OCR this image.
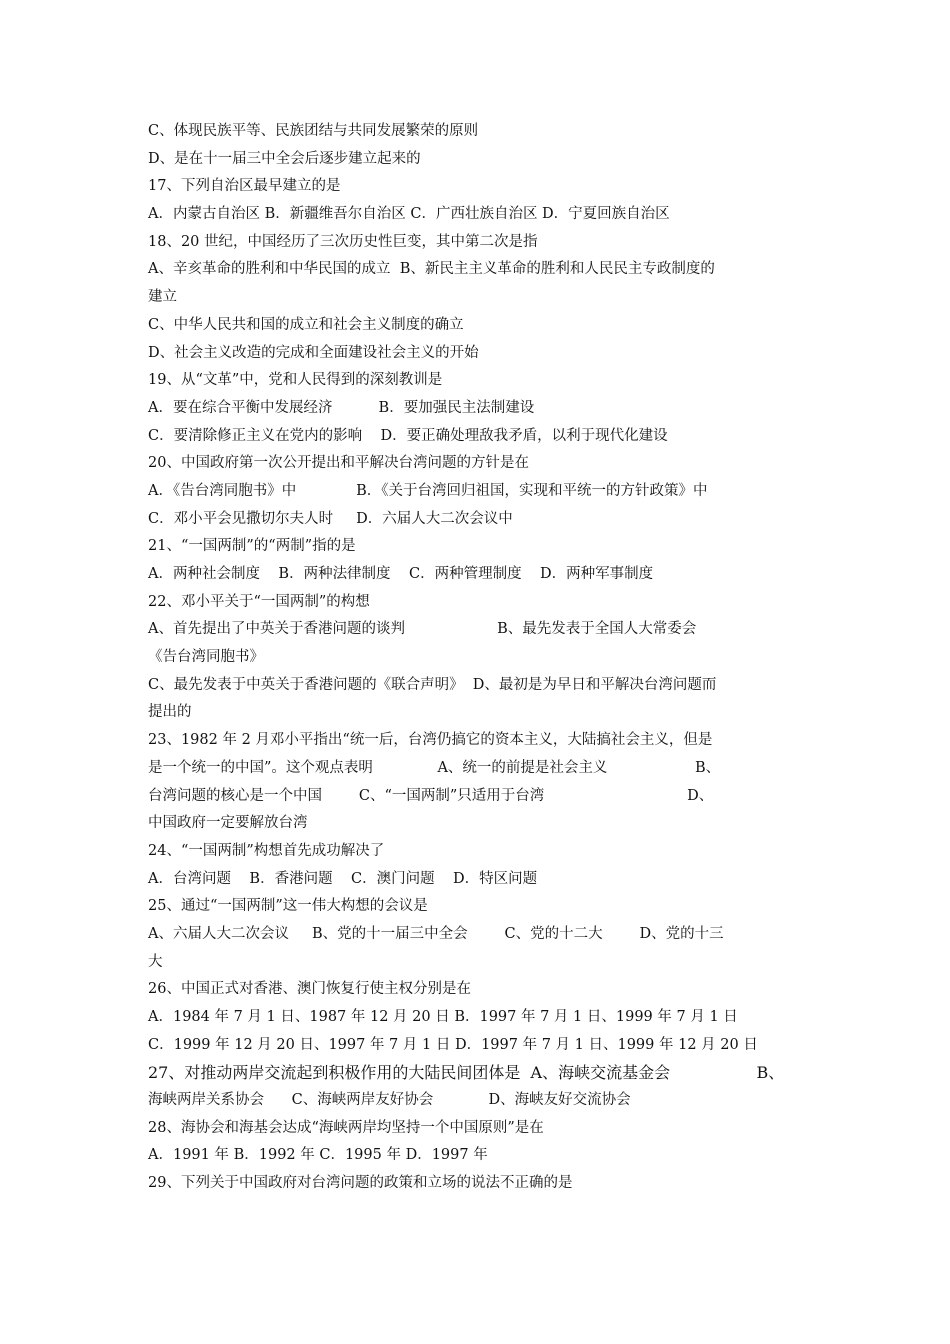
C、体现民族平等、民族团结与共同发展繁荣的原则
D、是在十一届三中全会后逐步建立起来的
17、下列自治区最早建立的是
A．内蒙古自治区 B．新疆维吾尔自治区 C．广西壮族自治区 D．宁夏回族自治区
18、20 世纪，中国经历了三次历史性巨变，其中第二次是指
A、辛亥革命的胜利和中华民国的成立  B、新民主主义革命的胜利和人民民主专政制度的
建立
C、中华人民共和国的成立和社会主义制度的确立
D、社会主义改造的完成和全面建设社会主义的开始
19、从“文革”中，党和人民得到的深刻教训是
A．要在综合平衡中发展经济          B．要加强民主法制建设
C．要清除修正主义在党内的影响    D．要正确处理敌我矛盾，以利于现代化建设
20、中国政府第一次公开提出和平解决台湾问题的方针是在
A．《告台湾同胞书》中             B．《关于台湾回归祖国，实现和平统一的方针政策》中
C．邓小平会见撒切尔夫人时     D．六届人大二次会议中
21、“一国两制”的“两制”指的是
A．两种社会制度    B．两种法律制度    C．两种管理制度    D．两种军事制度
22、邓小平关于“一国两制”的构想
A、首先提出了中英关于香港问题的谈判                    B、最先发表于全国人大常委会
《告台湾同胞书》
C、最先发表于中英关于香港问题的《联合声明》  D、最初是为早日和平解决台湾问题而
提出的
23、1982 年 2 月邓小平指出“统一后，台湾仍搞它的资本主义，大陆搞社会主义，但是
是一个统一的中国”。这个观点表明              A、统一的前提是社会主义                   B、
台湾问题的核心是一个中国        C、“一国两制”只适用于台湾                               D、
中国政府一定要解放台湾
24、“一国两制”构想首先成功解决了
A．台湾问题    B．香港问题    C．澳门问题    D．特区问题
25、通过“一国两制”这一伟大构想的会议是
A、六届人大二次会议     B、党的十一届三中全会        C、党的十二大        D、党的十三
大
26、中国正式对香港、澳门恢复行使主权分别是在
A．1984 年 7 月 1 日、1987 年 12 月 20 日 B．1997 年 7 月 1 日、1999 年 7 月 1 日
C．1999 年 12 月 20 日、1997 年 7 月 1 日 D．1997 年 7 月 1 日、1999 年 12 月 20 日
27、对推动两岸交流起到积极作用的大陆民间团体是  A、海峡交流基金会                 B、
海峡两岸关系协会      C、海峡两岸友好协会            D、海峡友好交流协会
28、海协会和海基会达成“海峡两岸均坚持一个中国原则”是在
A．1991 年 B．1992 年 C．1995 年 D．1997 年
29、下列关于中国政府对台湾问题的政策和立场的说法不正确的是
